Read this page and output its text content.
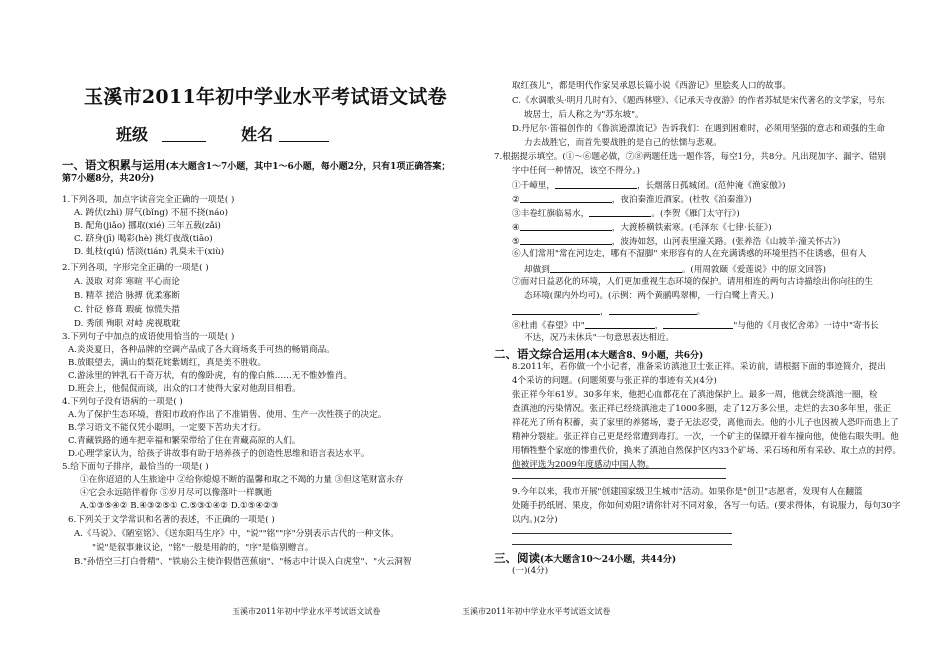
玉溪市2011年初中学业水平考试语文试卷
班级	姓名
一、语文积累与运用(本大题含1～7小题，其中1～6小题，每小题2分，只有1项正确答案；
第7小题8分，共20分)
1.下列各项，加点字读音完全正确的一项是( )
A. 踌伏(zhì) 屏气(bǐng) 不屈不挠(náo)
B. 配角(jiǎo) 挪取(xié) 三年五载(zǎi)
C. 跻身(jī) 喝彩(hè) 挑灯夜战(tiāo)
D. 虬枝(qiú) 恬淡(tián) 乳臭未干(xiù)
2.下列各项，字形完全正确的一项是( )
A. 汲取 对弈 寒暄 平心而论
B. 精萃 搓洽 脉搏 优柔寡断
C. 针砭 修葺 瑕疵 惊慌失措
D. 秀颀 殉职 对峙 虎视耽耽
3.下列句子中加点的成语使用恰当的一项是( )
A.炎炎夏日，各种品牌的空调产品成了各大商场炙手可热的畅销商品。
B.放眼望去，满山的梨花姹紫嫣红，真是美不胜收。
C.游泳里的钟乳石千奇万状，有的像卧虎，有的像白熊……无不惟妙惟肖。
D.班会上，他侃侃而谈，出众的口才使得大家对他刮目相看。
4.下列句子没有语病的一项是( )
A.为了保护生态环境，普阳市政府作出了不准销售、使用、生产一次性筷子的决定。
B.学习语文不能仅凭小聪明，一定要下苦功夫才行。
C.青藏铁路的通车把幸福和繁荣带给了住在青藏高原的人们。
D.心理学家认为，给孩子讲故事有助于培养孩子的创造性思维和语言表达水平。
5.给下面句子排序，最恰当的一项是( )
①在你迢迢的人生旅途中 ②给你熄熄不断的温馨和取之不竭的力量 ③但这笔财富永存
④它会永远陪伴着你 ⑤岁月尽可以像落叶一样飘逝
A.①③⑤④② B.④③②⑤① C.⑤③①④② D.①⑤④②③
6.下列关于文学常识和名著的表述，不正确的一项是( )
A.《马说》、《陋室铭》、《送东阳马生序》中，"说""铭""序"分别表示古代的一种文体。
"说"是叙事兼议论，"铭"一般是用韵的，"序"是临别赠言。
B."孙悟空三打白骨精"、"铁扇公主使诈假借芭蕉扇"、"杨志中计误入白虎堂"、"火云洞智
玉溪市2011年初中学业水平考试语文试卷
取红孩儿"，都是明代作家吴承恩长篇小说《西游记》里脍炙人口的故事。
C.《水调歌头·明月几时有》、《题西林壁》、《记承天寺夜游》的作者苏轼是宋代著名的文学家，号东
坡居士，后人称之为"苏东坡"。
D.丹尼尔·笛福创作的《鲁滨逊漂流记》告诉我们：在遇到困难时，必须用坚强的意志和顽强的生命
力去战胜它，而首先要战胜的是自己的怯懦与悲观。
7.根据提示填空。(①～⑥题必做，⑦⑧两题任选一题作答，每空1分，共8分。凡出现加字、漏字、错别
字中任何一种情况，该空不得分。)
①千嶂里，	，长烟落日孤城闭。(范仲淹《渔家傲》)
②	，夜泊秦淮近酒家。(杜牧《泊秦淮》)
③丰卷红旗临易水，	。(李贺《雁门太守行》)
④	，大渡桥横铁索寒。(毛泽东《七律·长征》)
⑤	，波涛如怒，山河表里潼关路。(张养浩《山坡羊·潼关怀古》)
⑥人们常用"常在河边走，哪有不湿脚" 来形容有的人在充满诱惑的环境里挡不住诱惑，但有人
却做到	。(用周敦颐《爱莲说》中的原文回答)
⑦面对日益恶化的环境，人们更加重视生态环境的保护。请用相连的两句古诗描绘出你向往的生
态环境(课内外均可)。(示例：两个黄鹂鸣翠柳，一行白鹭上青天。)
，	。
⑧杜甫《春望》中"	，	"与他的《月夜忆舍弟》一诗中"寄书长
不达，况乃未休兵"一句意思表达相近。
二、语文综合运用(本大题含8、9小题，共6分)
8.2011年，若你做一个小记者，准备采访滇池卫士张正祥。采访前，请根据下面的事迹简介，提出
4个采访的问题。(问题须要与张正祥的事迹有关)(4分)
张正祥今年61岁。30多年来，他把心血都花在了滇池保护上。最多一周，他就会绕滇池一圈，检
查滇池的污染情况。张正祥已经绕滇池走了1000多圈，走了12万多公里，走烂的去30多年里，张正
祥花光了所有积蓄，卖了家里的养猪场，妻子无法忍受，离他而去。他的小儿子也因被人恐吓而患上了
精神分裂症。张正祥自己更是经常遭到毒打。一次，一个矿主的保镖开着车撞向他，使他右眼失明。他
用牺牲整个家庭的惨重代价，换来了滇池自然保护区内33个矿场、采石场和所有采砂、取土点的封停。
他被评选为2009年度感动中国人物。
9.今年以来，我市开展"创建国家级卫生城市"活动。如果你是"创卫"志愿者，发现有人在翻篮
处随手扔纸屑、果皮，你如何劝阻?请你针对不同对象，各写一句话。(要求得体，有说服力，每句30字
以内。)(2分)
三、阅读(本大题含10～24小题，共44分)
(一)(4分)
玉溪市2011年初中学业水平考试语文试卷
